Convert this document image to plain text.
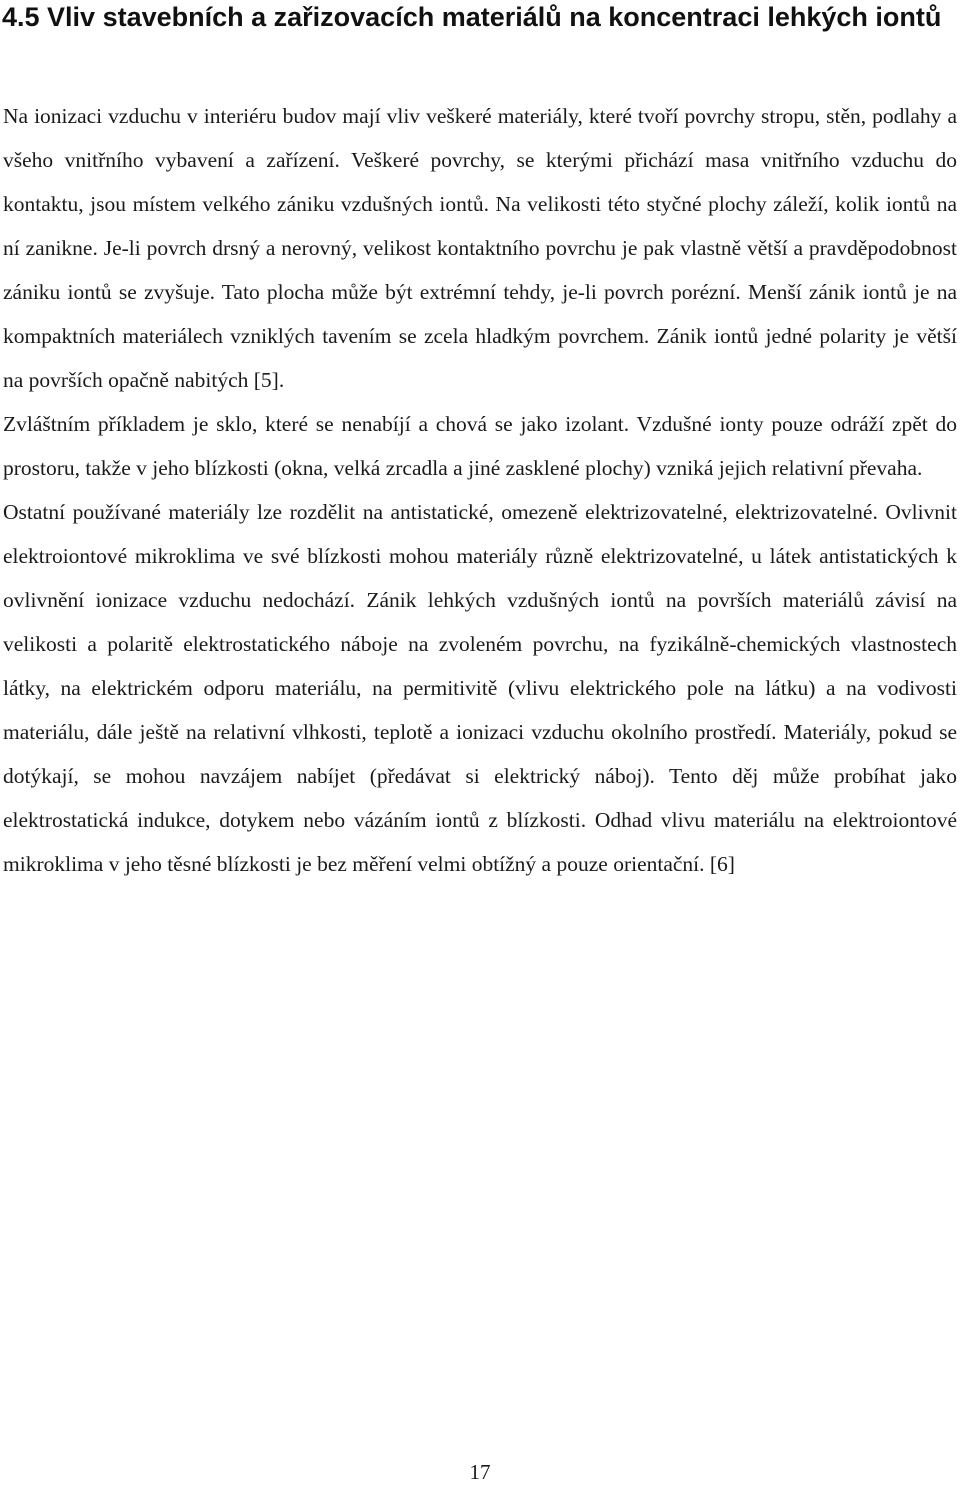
4.5 Vliv stavebních a zařizovacích materiálů na koncentraci lehkých iontů

Na ionizaci vzduchu v interiéru budov mají vliv veškeré materiály, které tvoří povrchy stropu, stěn, podlahy a všeho vnitřního vybavení a zařízení. Veškeré povrchy, se kterými přichází masa vnitřního vzduchu do kontaktu, jsou místem velkého zániku vzdušných iontů. Na velikosti této styčné plochy záleží, kolik iontů na ní zanikne. Je-li povrch drsný a nerovný, velikost kontaktního povrchu je pak vlastně větší a pravděpodobnost zániku iontů se zvyšuje. Tato plocha může být extrémní tehdy, je-li povrch porézní. Menší zánik iontů je na kompaktních materiálech vzniklých tavením se zcela hladkým povrchem. Zánik iontů jedné polarity je větší na površích opačně nabitých [5].

Zvláštním příkladem je sklo, které se nenabíjí a chová se jako izolant. Vzdušné ionty pouze odráží zpět do prostoru, takže v jeho blízkosti (okna, velká zrcadla a jiné zasklené plochy) vzniká jejich relativní převaha.

Ostatní používané materiály lze rozdělit na antistatické, omezeně elektrizovatelné, elektrizovatelné. Ovlivnit elektroiontové mikroklima ve své blízkosti mohou materiály různě elektrizovatelné, u látek antistatických k ovlivnění ionizace vzduchu nedochází. Zánik lehkých vzdušných iontů na površích materiálů závisí na velikosti a polaritě elektrostatického náboje na zvoleném povrchu, na fyzikálně-chemických vlastnostech látky, na elektrickém odporu materiálu, na permitivitě (vlivu elektrického pole na látku) a na vodivosti materiálu, dále ještě na relativní vlhkosti, teplotě a ionizaci vzduchu okolního prostředí. Materiály, pokud se dotýkají, se mohou navzájem nabíjet (předávat si elektrický náboj). Tento děj může probíhat jako elektrostatická indukce, dotykem nebo vázáním iontů z blízkosti. Odhad vlivu materiálu na elektroiontové mikroklima v jeho těsné blízkosti je bez měření velmi obtížný a pouze orientační. [6]

17
